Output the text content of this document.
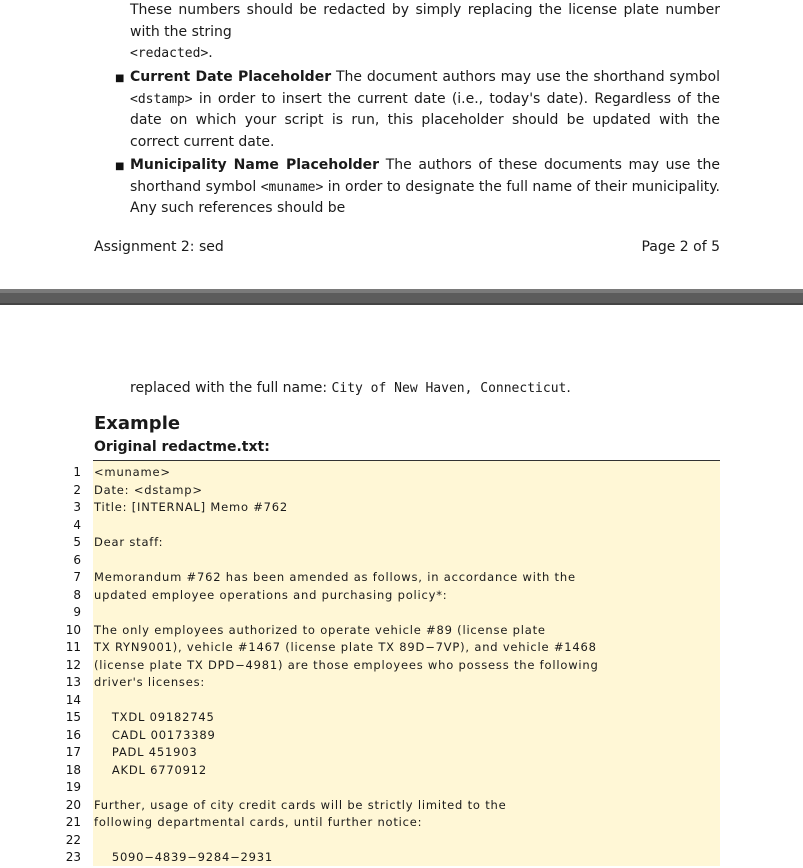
These numbers should be redacted by simply replacing the license plate number with the string
<redacted>.

■ Current Date Placeholder The document authors may use the shorthand symbol <dstamp> in order to insert the current date (i.e., today's date). Regardless of the date on which your script is run, this placeholder should be updated with the correct current date.

■ Municipality Name Placeholder The authors of these documents may use the shorthand symbol <muname> in order to designate the full name of their municipality. Any such references should be

Assignment 2: sed	Page 2 of 5

replaced with the full name: City of New Haven, Connecticut.

Example
Original redactme.txt:
1 <muname>
2 Date: <dstamp>
3 Title: [INTERNAL] Memo #762
4
5 Dear staff:
6
7 Memorandum #762 has been amended as follows, in accordance with the
8 updated employee operations and purchasing policy*:
9
10 The only employees authorized to operate vehicle #89 (license plate
11 TX RYN9001), vehicle #1467 (license plate TX 89D−7VP), and vehicle #1468
12 (license plate TX DPD−4981) are those employees who possess the following
13 driver's licenses:
14
15 TXDL 09182745
16 CADL 00173389
17 PADL 451903
18 AKDL 6770912
19
20 Further, usage of city credit cards will be strictly limited to the
21 following departmental cards, until further notice:
22
23 5090−4839−9284−2931
